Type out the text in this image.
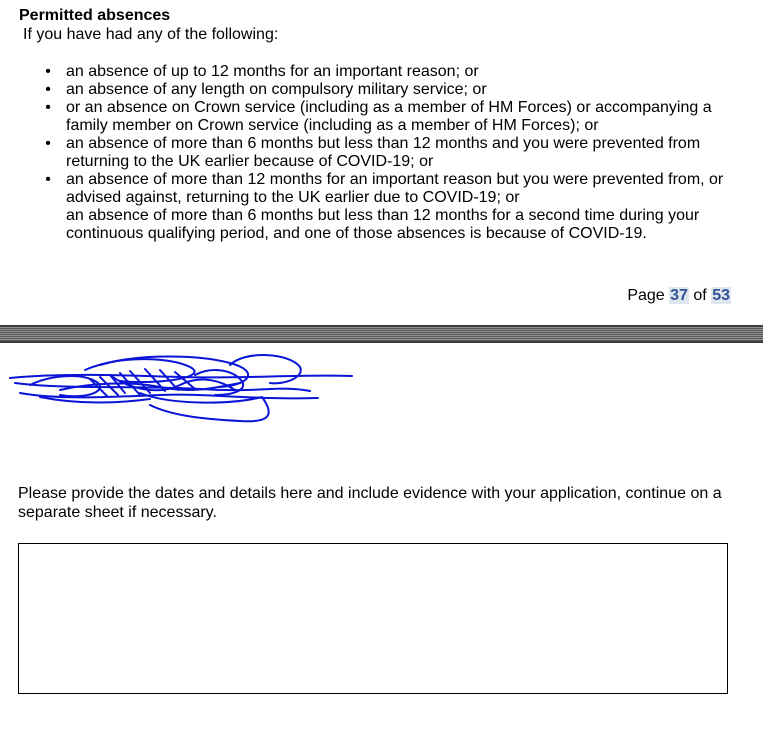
Permitted absences
If you have had any of the following:
• an absence of up to 12 months for an important reason; or
• an absence of any length on compulsory military service; or
• or an absence on Crown service (including as a member of HM Forces) or accompanying a
family member on Crown service (including as a member of HM Forces); or
• an absence of more than 6 months but less than 12 months and you were prevented from
returning to the UK earlier because of COVID-19; or
• an absence of more than 12 months for an important reason but you were prevented from, or
advised against, returning to the UK earlier due to COVID-19; or
an absence of more than 6 months but less than 12 months for a second time during your
continuous qualifying period, and one of those absences is because of COVID-19.
Page 37 of 53
Please provide the dates and details here and include evidence with your application, continue on a separate sheet if necessary.
